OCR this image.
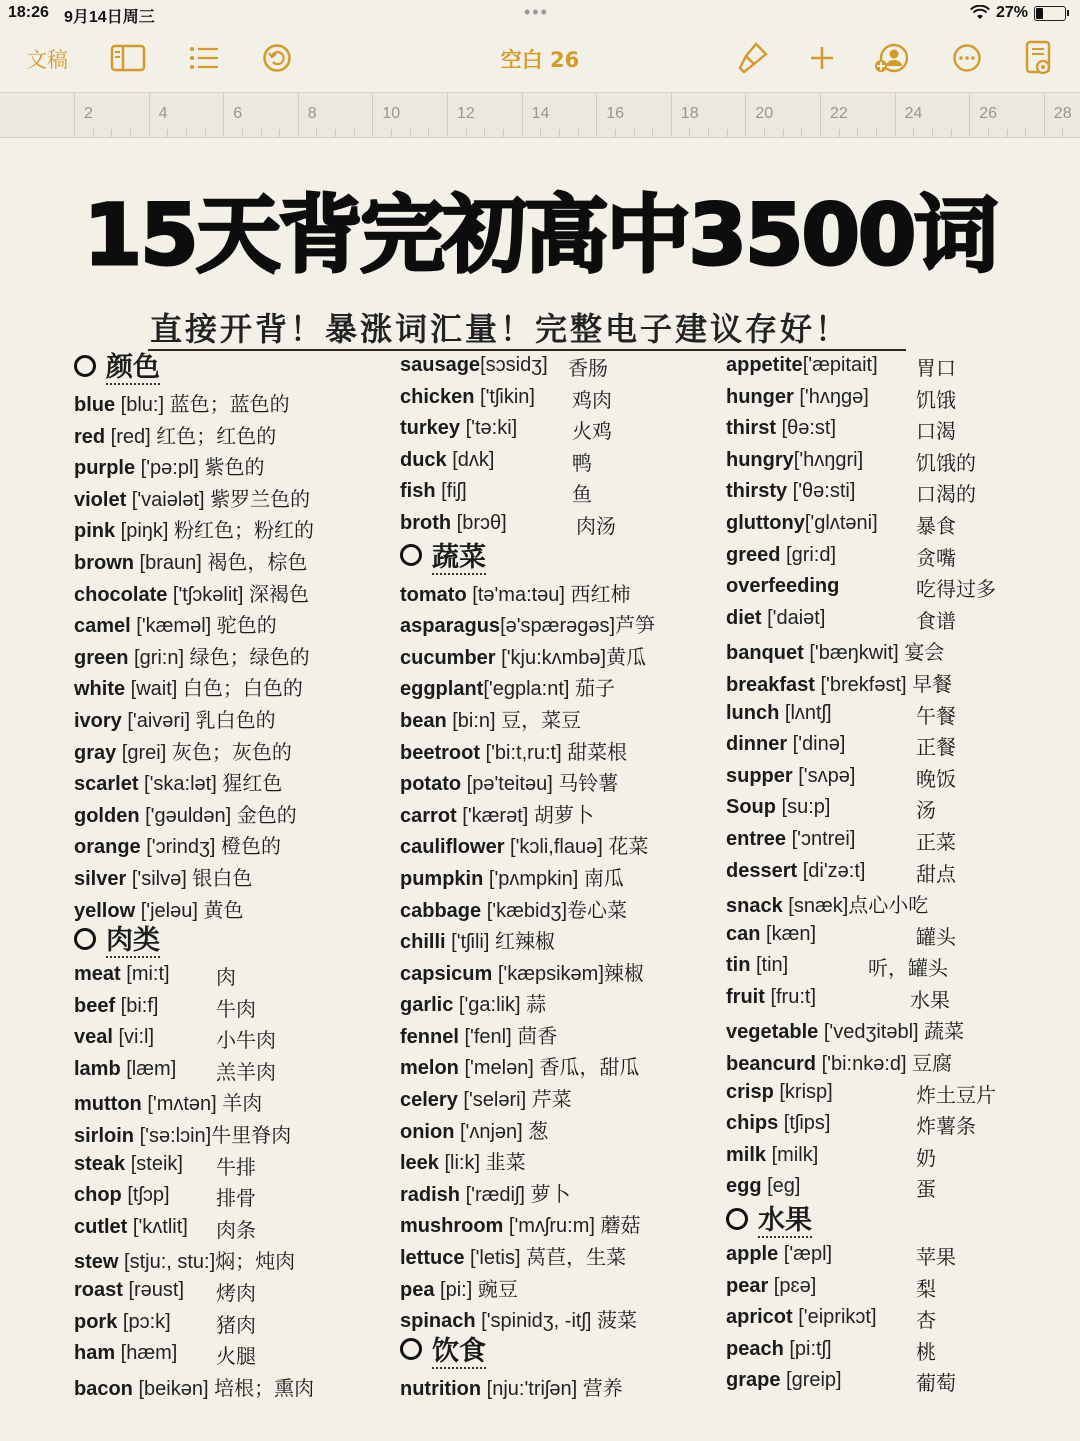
18:26 9月14日周三	•••	27%
文稿	空白 26
2	4	6	8	10	12	14	16	18	20	22	24	26	28
15天背完初高中3500词
直接开背！暴涨词汇量！完整电子建议存好！
颜色
blue [blu:] 蓝色；蓝色的
red [red] 红色；红色的
purple ['pə:pl] 紫色的
violet ['vaiələt] 紫罗兰色的
pink [piŋk] 粉红色；粉红的
brown [braun] 褐色，棕色
chocolate ['tʃɔkəlit] 深褐色
camel ['kæməl] 驼色的
green [gri:n] 绿色；绿色的
white [wait] 白色；白色的
ivory ['aivəri] 乳白色的
gray [grei] 灰色；灰色的
scarlet ['ska:lət] 猩红色
golden ['gəuldən] 金色的
orange ['ɔrindʒ] 橙色的
silver ['silvə] 银白色
yellow ['jeləu] 黄色
肉类
meat [mi:t] 肉
beef [bi:f]	牛肉
veal [vi:l]	小牛肉
lamb [læm] 羔羊肉
mutton ['mʌtən] 羊肉
sirloin ['sə:lɔin]牛里脊肉
steak [steik] 牛排
chop [tʃɔp] 排骨
cutlet ['kʌtlit] 肉条
stew [stju:, stu:]焖；炖肉
roast [rəust] 烤肉
pork [pɔ:k] 猪肉
ham [hæm] 火腿
bacon [beikən] 培根；熏肉
sausage[sɔsidʒ] 香肠
chicken ['tʃikin] 鸡肉
turkey ['tə:ki]	火鸡
duck [dʌk]	鸭
fish [fiʃ]	鱼
broth [brɔθ]	肉汤
蔬菜
tomato [tə'ma:təu] 西红柿
asparagus[ə'spærəgəs]芦笋
cucumber ['kju:kʌmbə]黄瓜
eggplant['egpla:nt] 茄子
bean [bi:n] 豆，菜豆
beetroot ['bi:t,ru:t] 甜菜根
potato [pə'teitəu] 马铃薯
carrot ['kærət] 胡萝卜
cauliflower ['kɔli,flauə] 花菜
pumpkin ['pʌmpkin] 南瓜
cabbage ['kæbidʒ]卷心菜
chilli ['tʃili] 红辣椒
capsicum ['kæpsikəm]辣椒
garlic ['ga:lik] 蒜
fennel ['fenl] 茴香
melon ['melən] 香瓜，甜瓜
celery ['seləri] 芹菜
onion ['ʌnjən] 葱
leek [li:k] 韭菜
radish ['rædiʃ] 萝卜
mushroom ['mʌʃru:m] 蘑菇
lettuce ['letis] 莴苣，生菜
pea [pi:] 豌豆
spinach ['spinidʒ, -itʃ] 菠菜
饮食
nutrition [nju:'triʃən] 营养
appetite['æpitait] 胃口
hunger ['hʌŋgə] 饥饿
thirst [θə:st]	口渴
hungry['hʌŋgri]	饥饿的
thirsty ['θə:sti]	口渴的
gluttony['glʌtəni] 暴食
greed [gri:d]	贪嘴
overfeeding	吃得过多
diet ['daiət]	食谱
banquet ['bæŋkwit] 宴会
breakfast ['brekfəst] 早餐
lunch [lʌntʃ]	午餐
dinner ['dinə]	正餐
supper ['sʌpə]	晚饭
Soup [su:p]	汤
entree ['ɔntrei]	正菜
dessert [di'zə:t]	甜点
snack [snæk]点心小吃
can [kæn]	罐头
tin [tin]	听，罐头
fruit [fru:t]	水果
vegetable ['vedʒitəbl] 蔬菜
beancurd ['bi:nkə:d] 豆腐
crisp [krisp]	炸土豆片
chips [tʃips]	炸薯条
milk [milk]	奶
egg [eg]	蛋
水果
apple ['æpl]	苹果
pear [pɛə]	梨
apricot ['eiprikɔt] 杏
peach [pi:tʃ]	桃
grape [greip]	葡萄
